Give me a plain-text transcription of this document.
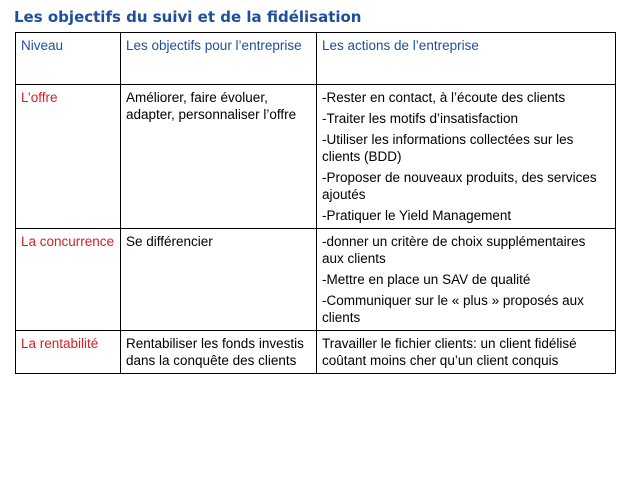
Les objectifs du suivi et de la fidélisation
Niveau	Les objectifs pour l’entreprise	Les actions de l’entreprise
L’offre	Améliorer, faire évoluer, adapter, personnaliser l’offre	-Rester en contact, à l’écoute des clients
-Traiter les motifs d’insatisfaction
-Utiliser les informations collectées sur les clients (BDD)
-Proposer de nouveaux produits, des services ajoutés
-Pratiquer le Yield Management

La concurrence	Se différencier	-donner un critère de choix supplémentaires aux clients
-Mettre en place un SAV de qualité
-Communiquer sur le « plus » proposés aux clients

La rentabilité	Rentabiliser les fonds investis dans la conquête des clients	Travailler le fichier clients: un client fidélisé coûtant moins cher qu’un client conquis
